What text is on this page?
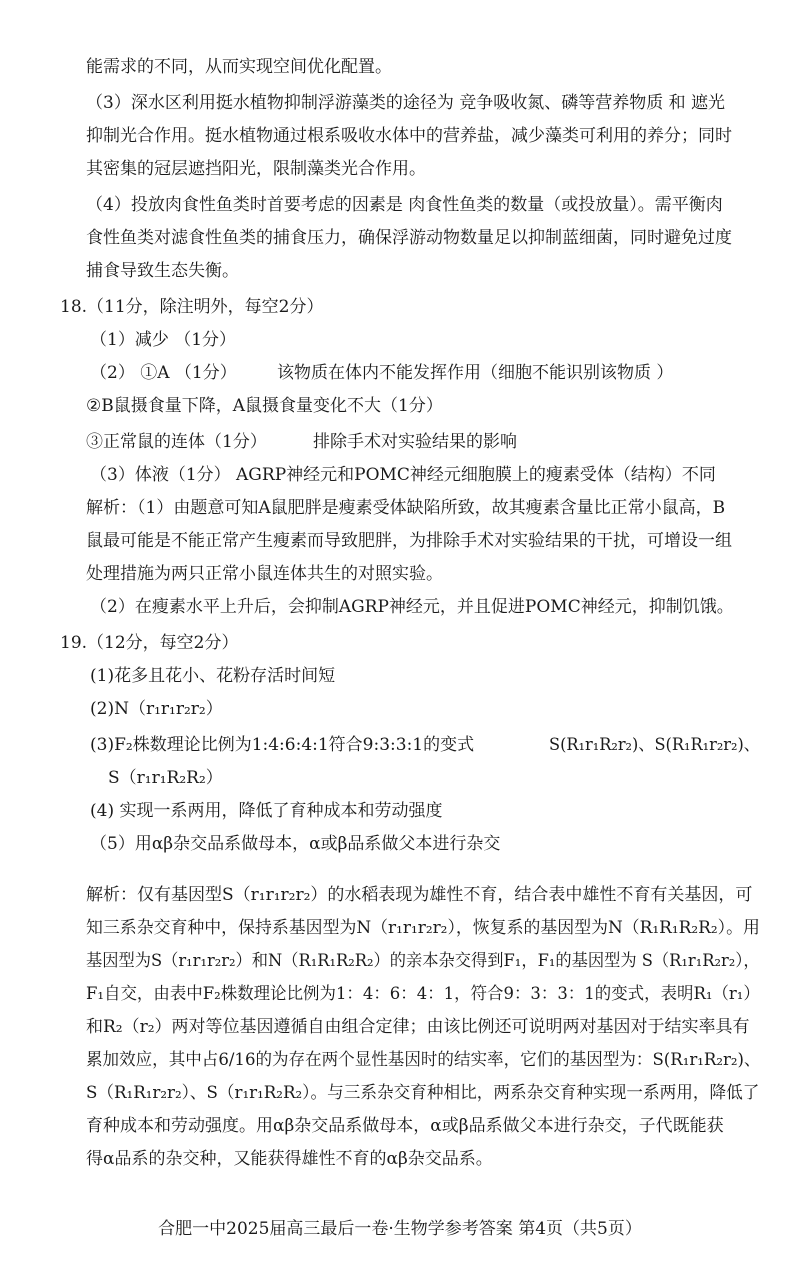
能需求的不同，从而实现空间优化配置。
（3）深水区利用挺水植物抑制浮游藻类的途径为 竞争吸收氮、磷等营养物质 和 遮光
抑制光合作用。挺水植物通过根系吸收水体中的营养盐，减少藻类可利用的养分；同时
其密集的冠层遮挡阳光，限制藻类光合作用。
（4）投放肉食性鱼类时首要考虑的因素是 肉食性鱼类的数量（或投放量）。需平衡肉
食性鱼类对滤食性鱼类的捕食压力，确保浮游动物数量足以抑制蓝细菌，同时避免过度
捕食导致生态失衡。
18.（11分，除注明外，每空2分）
（1）减少 （1分）
（2） ①A （1分） 该物质在体内不能发挥作用（细胞不能识别该物质 ）
②B鼠摄食量下降，A鼠摄食量变化不大（1分）
③正常鼠的连体（1分）	排除手术对实验结果的影响
（3）体液（1分） AGRP神经元和POMC神经元细胞膜上的瘦素受体（结构）不同
解析：（1）由题意可知A鼠肥胖是瘦素受体缺陷所致，故其瘦素含量比正常小鼠高，B
鼠最可能是不能正常产生瘦素而导致肥胖，为排除手术对实验结果的干扰，可增设一组
处理措施为两只正常小鼠连体共生的对照实验。
（2）在瘦素水平上升后，会抑制AGRP神经元，并且促进POMC神经元，抑制饥饿。
19.（12分，每空2分）
(1)花多且花小、花粉存活时间短
(2)N（r₁r₁r₂r₂）
(3)F₂株数理论比例为1:4:6:4:1符合9:3:3:1的变式	S(R₁r₁R₂r₂)、S(R₁R₁r₂r₂)、
S（r₁r₁R₂R₂）
(4) 实现一系两用，降低了育种成本和劳动强度
（5）用αβ杂交品系做母本，α或β品系做父本进行杂交
解析：仅有基因型S（r₁r₁r₂r₂）的水稻表现为雄性不育，结合表中雄性不育有关基因，可
知三系杂交育种中，保持系基因型为N（r₁r₁r₂r₂），恢复系的基因型为N（R₁R₁R₂R₂）。用
基因型为S（r₁r₁r₂r₂）和N（R₁R₁R₂R₂）的亲本杂交得到F₁，F₁的基因型为 S（R₁r₁R₂r₂），
F₁自交，由表中F₂株数理论比例为1：4：6：4：1，符合9：3：3：1的变式，表明R₁（r₁）
和R₂（r₂）两对等位基因遵循自由组合定律；由该比例还可说明两对基因对于结实率具有
累加效应，其中占6/16的为存在两个显性基因时的结实率，它们的基因型为：S(R₁r₁R₂r₂)、
S（R₁R₁r₂r₂）、S（r₁r₁R₂R₂）。与三系杂交育种相比，两系杂交育种实现一系两用，降低了
育种成本和劳动强度。用αβ杂交品系做母本，α或β品系做父本进行杂交，子代既能获
得α品系的杂交种，又能获得雄性不育的αβ杂交品系。
合肥一中2025届高三最后一卷·生物学参考答案 第4页（共5页）
